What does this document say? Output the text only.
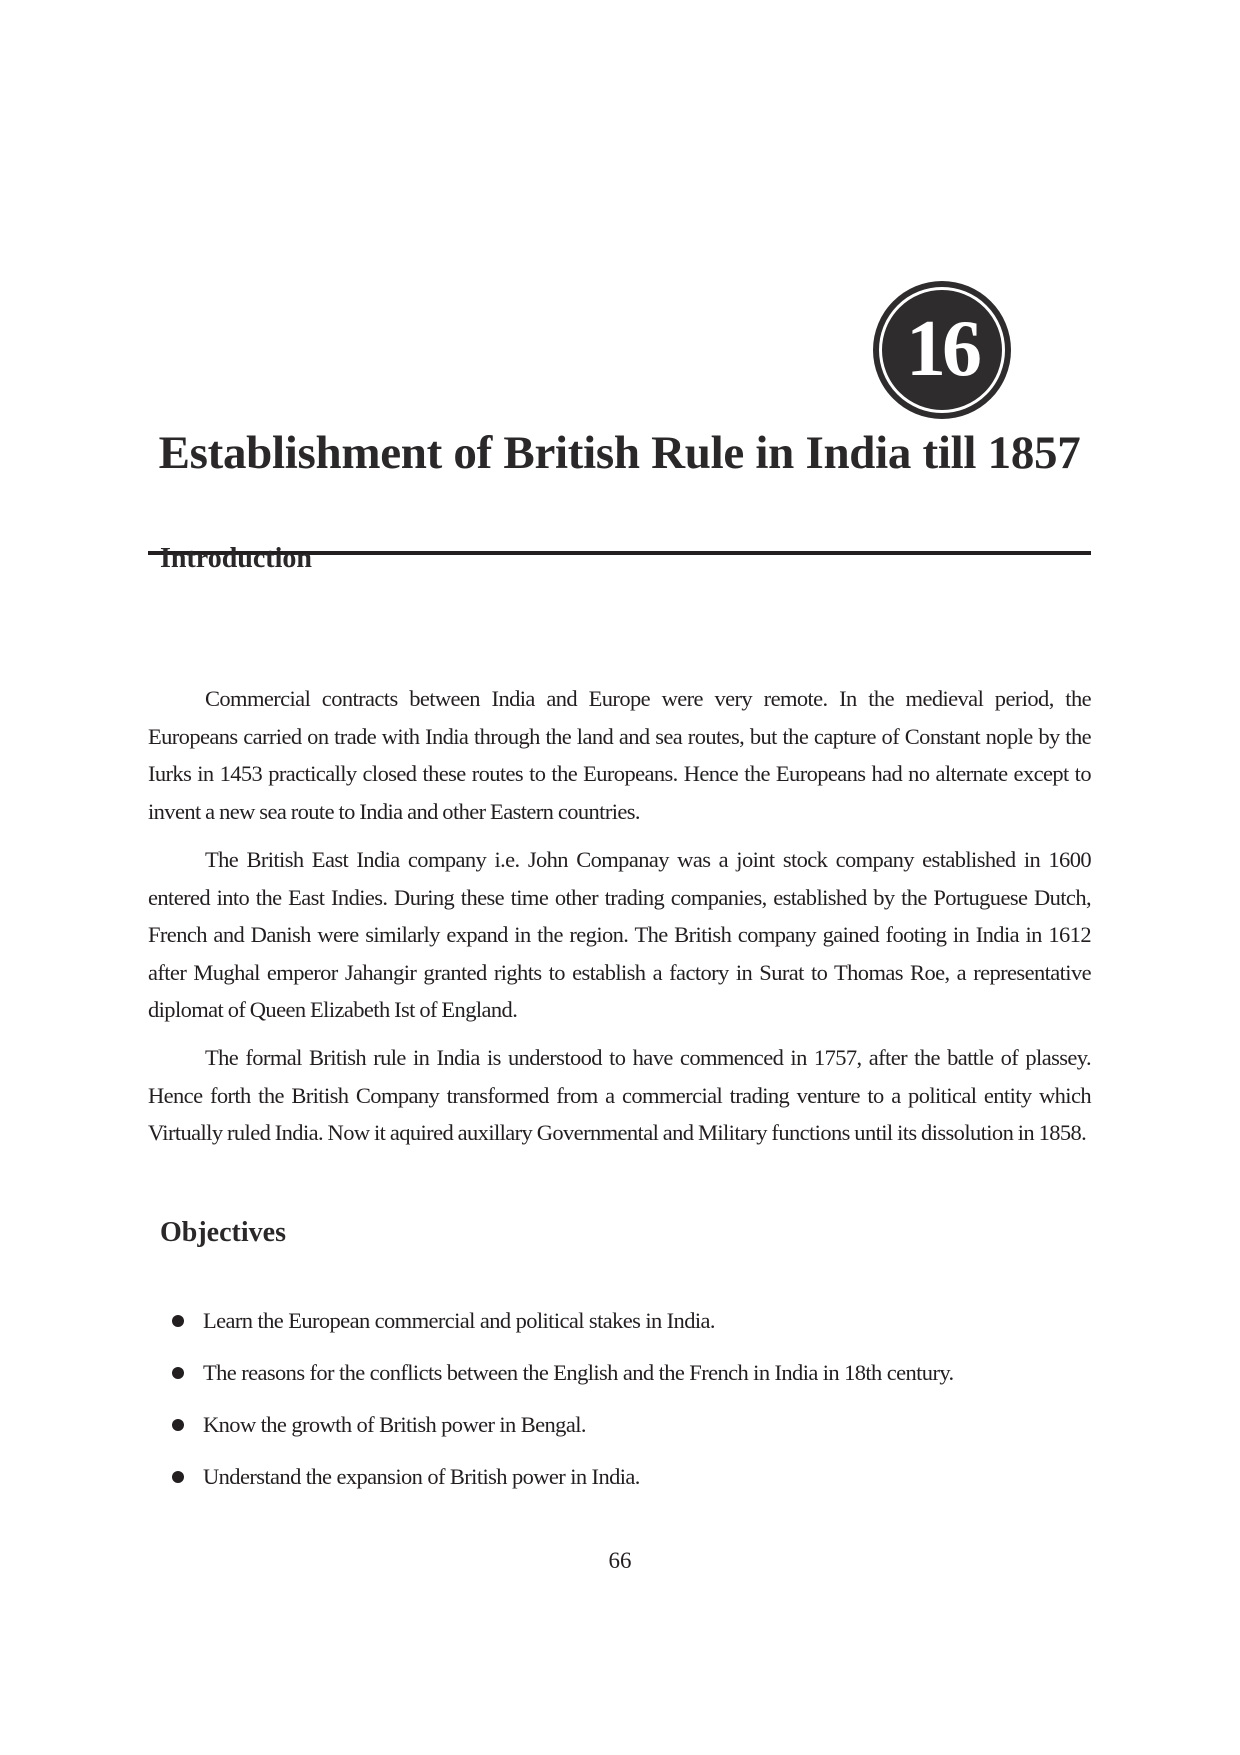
16
Establishment of British Rule in India till 1857
Introduction

Commercial contracts between India and Europe were very remote. In the medieval period, the Europeans carried on trade with India through the land and sea routes, but the capture of Constant nople by the Iurks in 1453 practically closed these routes to the Europeans. Hence the Europeans had no alternate except to invent a new sea route to India and other Eastern countries.

The British East India company i.e. John Companay was a joint stock company established in 1600 entered into the East Indies. During these time other trading companies, established by the Portuguese Dutch, French and Danish were similarly expand in the region. The British company gained footing in India in 1612 after Mughal emperor Jahangir granted rights to establish a factory in Surat to Thomas Roe, a representative diplomat of Queen Elizabeth Ist of England.

The formal British rule in India is understood to have commenced in 1757, after the battle of plassey. Hence forth the British Company transformed from a commercial trading venture to a political entity which Virtually ruled India. Now it aquired auxillary Governmental and Military functions until its dissolution in 1858.

Objectives
Learn the European commercial and political stakes in India.
The reasons for the conflicts between the English and the French in India in 18th century.
Know the growth of British power in Bengal.
Understand the expansion of British power in India.
66
